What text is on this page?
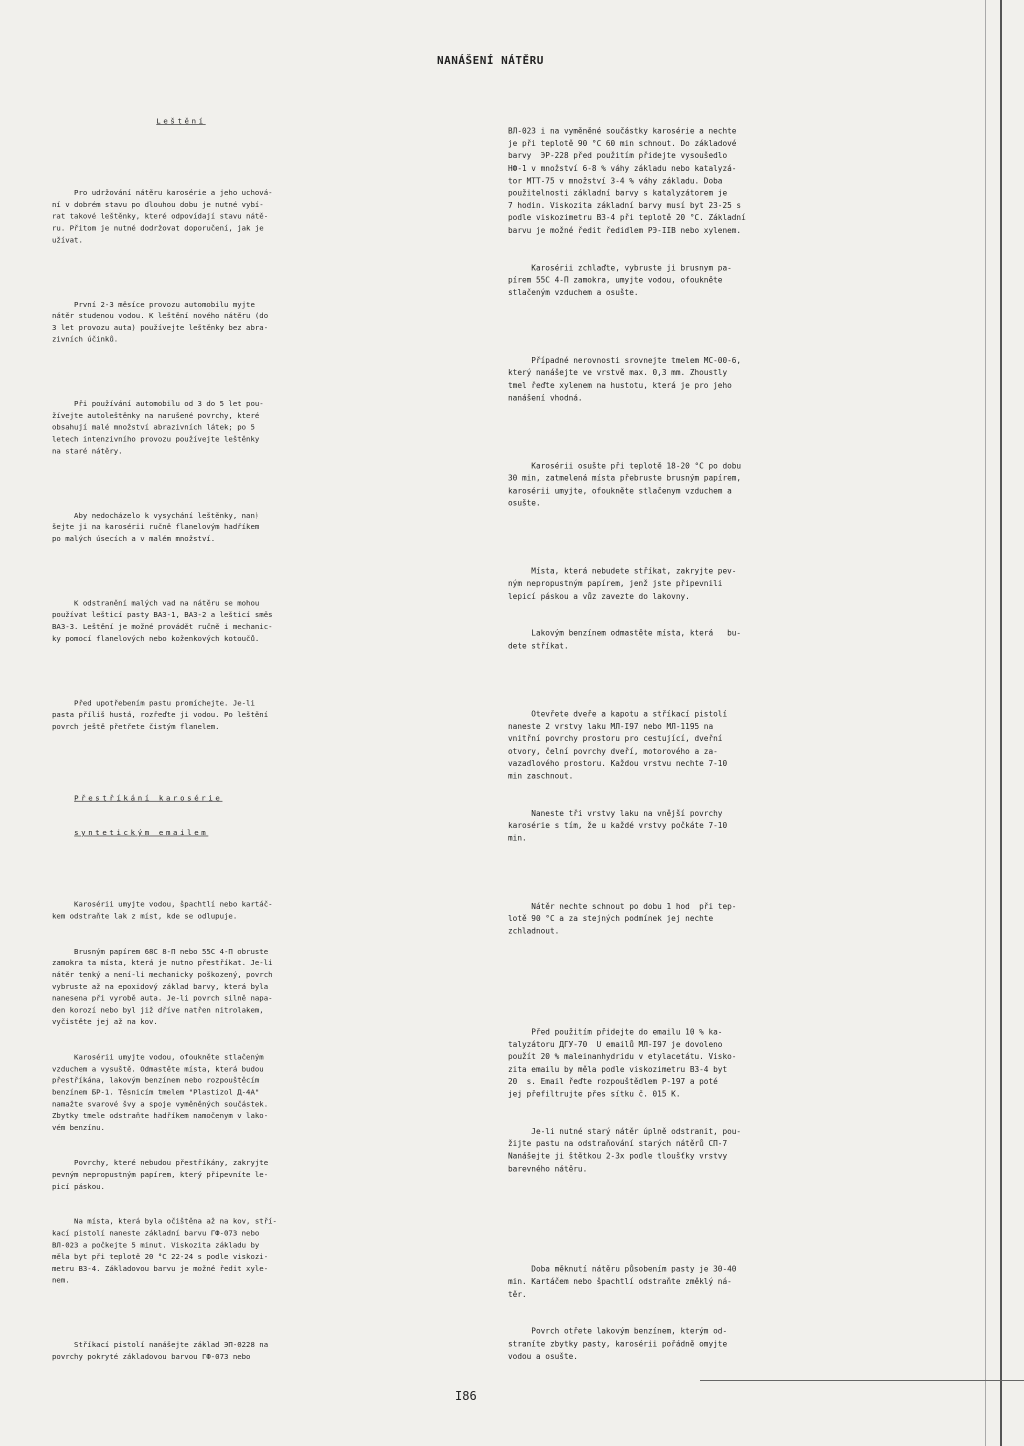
NANÁŠENÍ NÁTĚRU

Leštění

Pro udržování nátěru karosérie a jeho uchová-
ní v dobrém stavu po dlouhou dobu je nutné vybí-
rat takové leštěnky, které odpovídají stavu nátě-
ru. Přitom je nutné dodržovat doporučení, jak je
užívat.

První 2-3 měsíce provozu automobilu myjte
nátěr studenou vodou. K leštění nového nátěru (do
3 let provozu auta) používejte leštěnky bez abra-
zivních účinků.

Při používání automobilu od 3 do 5 let pou-
žívejte autoleštěnky na narušené povrchy, které
obsahují malé množství abrazivních látek; po 5
letech intenzivního provozu používejte leštěnky
na staré nátěry.

Aby nedocházelo k vysychání leštěnky, nanᚭ
šejte ji na karosérii ručně flanelovým hadříkem
po malých úsecích a v malém množství.

K odstranění malých vad na nátěru se mohou
používat lešticí pasty BA3-1, BA3-2 a lešticí směs
BA3-3. Leštění je možné provádět ručně i mechanic-
ky pomocí flanelových nebo koženkových kotoučů.

Před upotřebením pastu promíchejte. Je-li
pasta příliš hustá, rozřeďte ji vodou. Po leštění
povrch ještě přetřete čistým flanelem.

Přestříkání karosérie

syntetickým emailem

Karosérii umyjte vodou, špachtlí nebo kartáč-
kem odstraňte lak z míst, kde se odlupuje.

Brusným papírem 68C 8-П nebo 55C 4-П obruste
zamokra ta místa, která je nutno přestříkat. Je-li
nátěr tenký a není-li mechanicky poškozený, povrch
vybruste až na epoxidový základ barvy, která byla
nanesena při vyrobě auta. Je-li povrch silně napa-
den korozí nebo byl již dříve natřen nitrolakem,
vyčistěte jej až na kov.

Karosérii umyjte vodou, ofoukněte stlačeným
vzduchem a vysuště. Odmastěte místa, která budou
přestříkána, lakovým benzínem nebo rozpouštěcím
benzínem БР-1. Těsnicím tmelem "Plastizol Д-4A"
namažte svarové švy a spoje vyměněných součástek.
Zbytky tmele odstraňte hadříkem namočenym v lako-
vém benzínu.

Povrchy, které nebudou přestříkány, zakryjte
pevným nepropustným papírem, který připevníte le-
picí páskou.

Na místa, která byla očištěna až na kov, stří-
kací pistolí naneste základní barvu ГФ-073 nebo
ВЛ-023 a počkejte 5 minut. Viskozita základu by
měla byt při teplotě 20 °C 22-24 s podle viskozi-
metru B3-4. Základovou barvu je možné ředit xyle-
nem.

Stříkací pistolí nanášejte základ ЭП-0228 na
povrchy pokryté základovou barvou ГФ-073 nebo

ВЛ-023 i na vyměněné součástky karosérie a nechte
je při teplotě 90 °C 60 min schnout. Do základové
barvy  ЭP-228 před použitím přidejte vysoušedlo
НФ-1 v množství 6-8 % váhy základu nebo katalyzá-
tor МТТ-75 v množství 3-4 % váhy základu. Doba
použitelnosti základní barvy s katalyzátorem je
7 hodin. Viskozita základní barvy musí byt 23-25 s
podle viskozimetru B3-4 při teplotě 20 °C. Základní
barvu je možné ředit ředidlem РЭ-IIB nebo xylenem.

Karosérii zchlaďte, vybruste ji brusnym pa-
pírem 55C 4-П zamokra, umyjte vodou, ofoukněte
stlačeným vzduchem a osušte.

Případné nerovnosti srovnejte tmelem MC-00-6,
který nanášejte ve vrstvě max. 0,3 mm. Zhoustly
tmel řeďte xylenem na hustotu, která je pro jeho
nanášení vhodná.

Karosérii osušte při teplotě 18-20 °C po dobu
30 min, zatmelená místa přebruste brusným papírem,
karosérii umyjte, ofoukněte stlačenym vzduchem a
osušte.

Místa, která nebudete stříkat, zakryjte pev-
ným nepropustným papírem, jenž jste připevnili
lepicí páskou a vůz zavezte do lakovny.

Lakovým benzínem odmastěte místa, která   bu-
dete stříkat.

Otevřete dveře a kapotu a stříkací pistolí
naneste 2 vrstvy laku МЛ-I97 nebo МЛ-1195 na
vnitřní povrchy prostoru pro cestující, dveřní
otvory, čelní povrchy dveří, motorového a za-
vazadlového prostoru. Každou vrstvu nechte 7-10
min zaschnout.

Naneste tři vrstvy laku na vnější povrchy
karosérie s tím, že u každé vrstvy počkáte 7-10
min.

Nátěr nechte schnout po dobu 1 hod  při tep-
lotě 90 °C a za stejných podmínek jej nechte
zchladnout.

Před použitím přidejte do emailu 10 % ka-
talyzátoru ДГУ-70  U emailů МЛ-I97 je dovoleno
použít 20 % maleinanhydridu v etylacetátu. Visko-
zita emailu by měla podle viskozimetru B3-4 byt
20  s. Email řeďte rozpouštědlem P-197 a poté
jej přefiltrujte přes sítku č. 015 K.

Je-li nutné starý nátěr úplně odstranit, pou-
žijte pastu na odstraňování starých nátěrů СП-7
Nanášejte ji štětkou 2-3x podle tloušťky vrstvy
barevného nátěru.

Doba měknutí nátěru působením pasty je 30-40
min. Kartáčem nebo špachtlí odstraňte změklý ná-
těr.

Povrch otřete lakovým benzínem, kterým od-
straníte zbytky pasty, karosérii pořádně omyjte
vodou a osušte.

I86
